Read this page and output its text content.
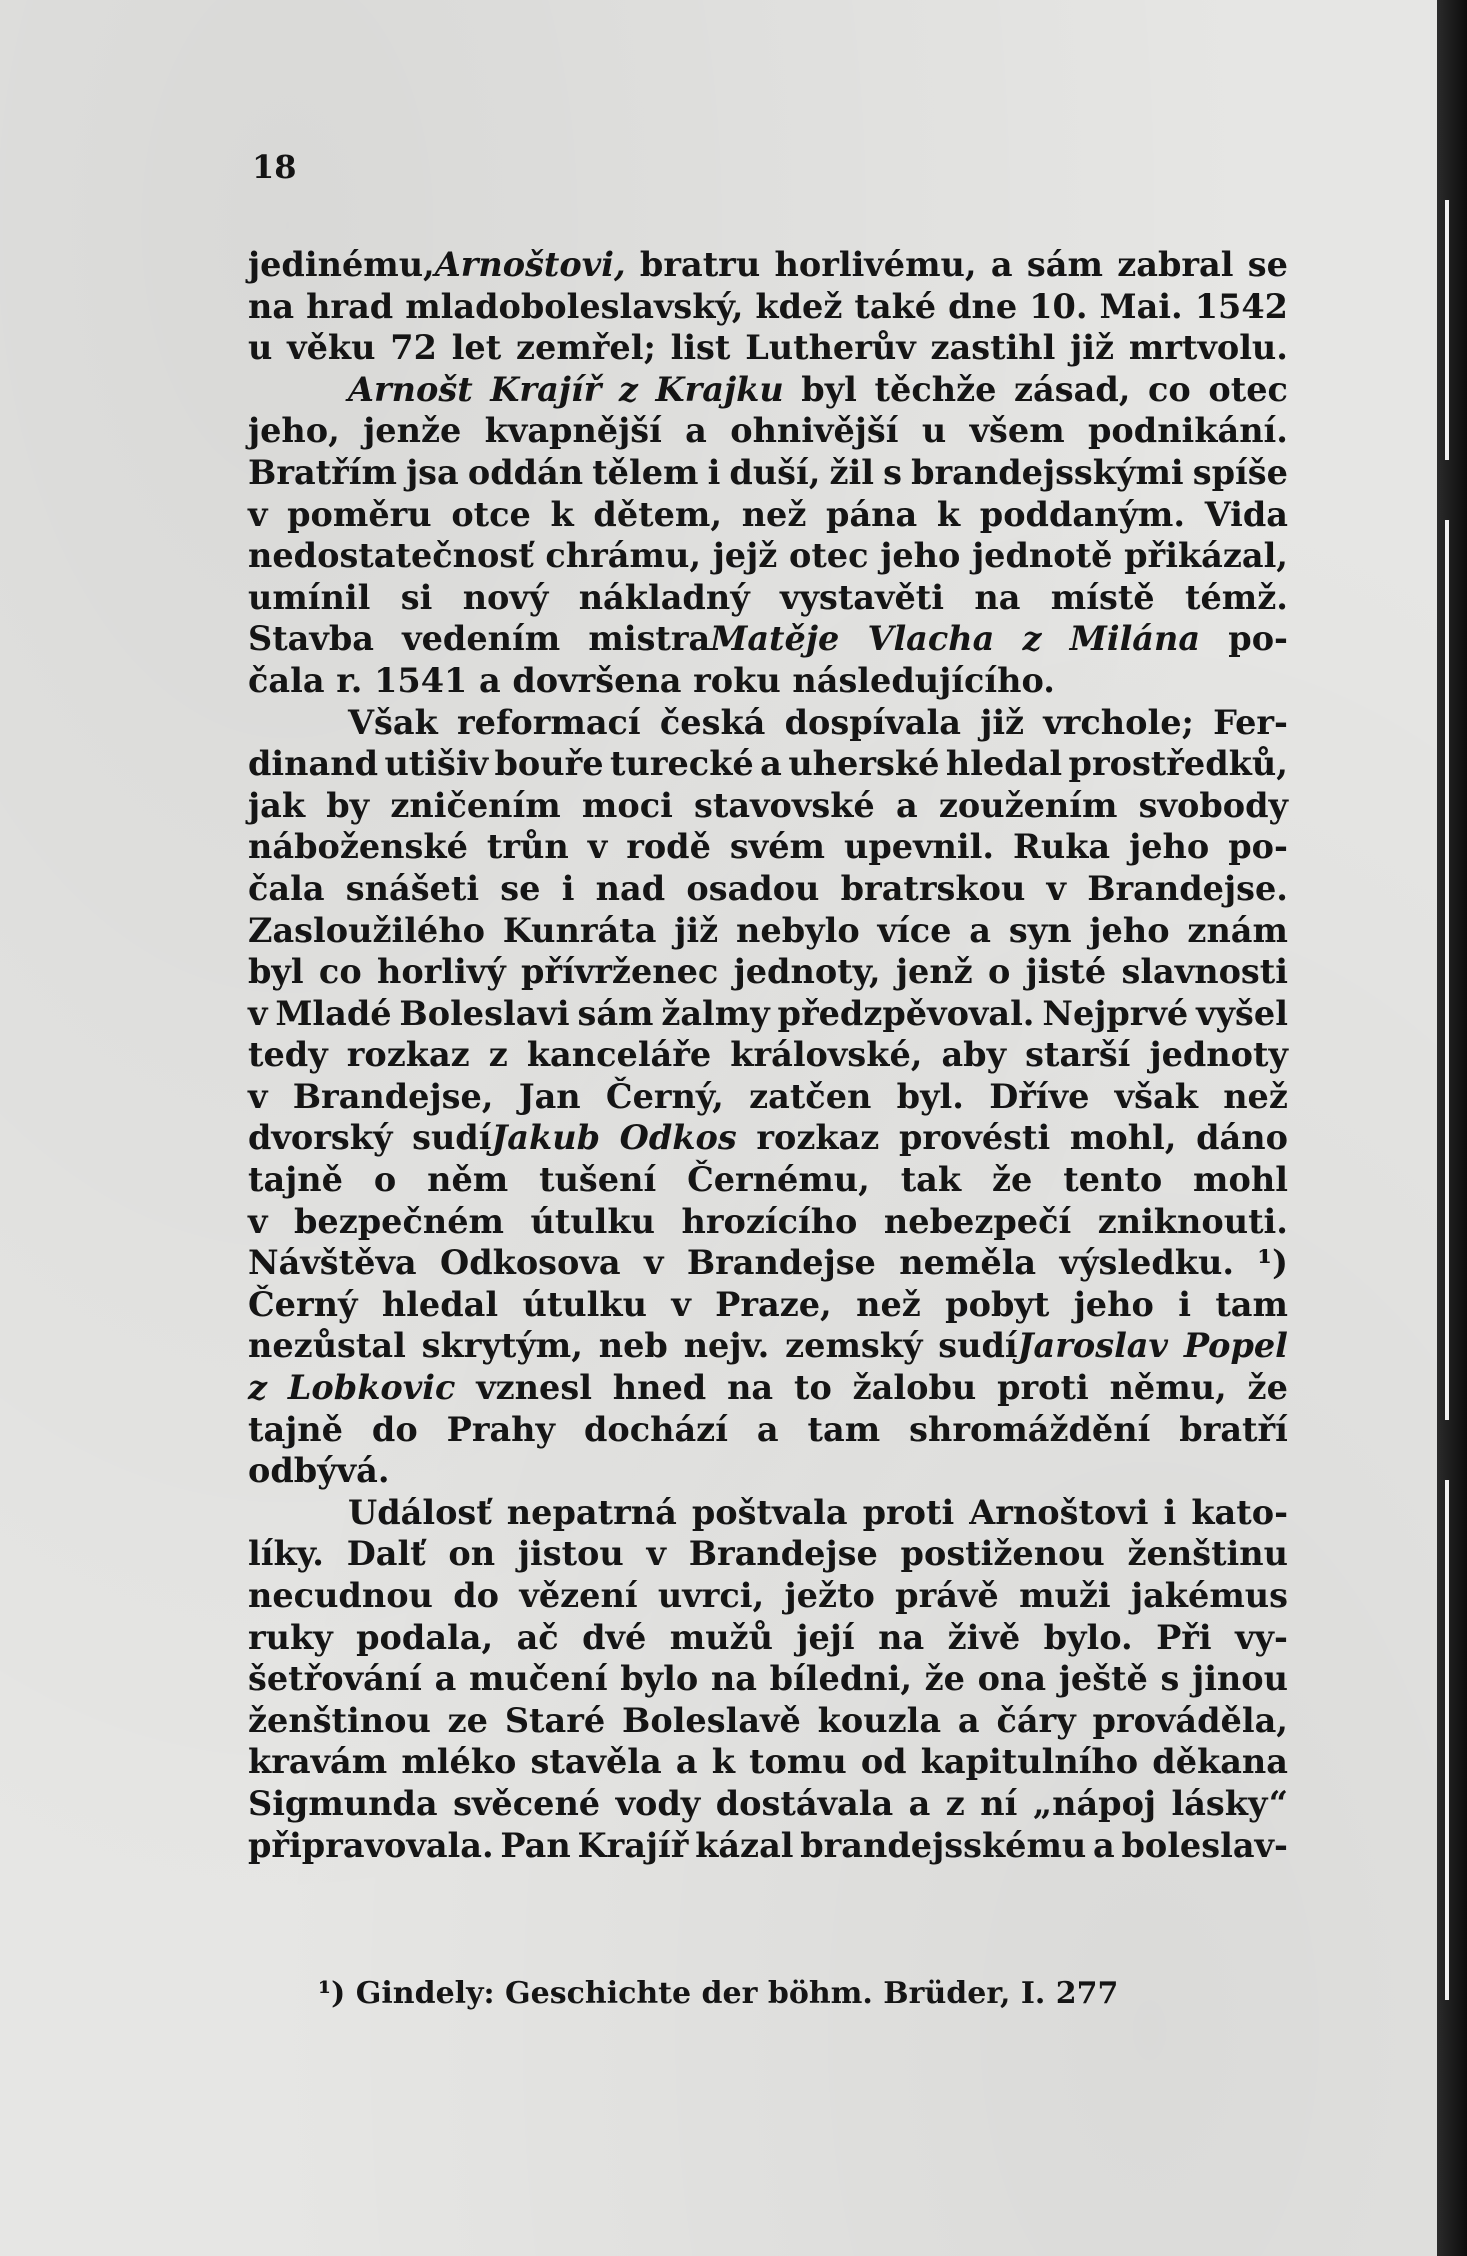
18
jedinému,Arnoštovi, bratru horlivému, a sám zabral se
na hrad mladoboleslavský, kdež také dne 10. Mai. 1542
u věku 72 let zemřel; list Lutherův zastihl již mrtvolu.
Arnošt Krajíř z Krajku byl těchže zásad, co otec
jeho, jenže kvapnější a ohnivější u všem podnikání.
Bratřím jsa oddán tělem i duší, žil s brandejsskými spíše
v poměru otce k dětem, než pána k poddaným. Vida
nedostatečnosť chrámu, jejž otec jeho jednotě přikázal,
umínil si nový nákladný vystavěti na místě témž.
Stavba vedením mistraMatěje Vlacha z Milána po-
čala r. 1541 a dovršena roku následujícího.
Však reformací česká dospívala již vrchole; Fer-
dinand utišiv bouře turecké a uherské hledal prostředků,
jak by zničením moci stavovské a zoužením svobody
náboženské trůn v rodě svém upevnil. Ruka jeho po-
čala snášeti se i nad osadou bratrskou v Brandejse.
Zasloužilého Kunráta již nebylo více a syn jeho znám
byl co horlivý přívrženec jednoty, jenž o jisté slavnosti
v Mladé Boleslavi sám žalmy předzpěvoval. Nejprvé vyšel
tedy rozkaz z kanceláře královské, aby starší jednoty
v Brandejse, Jan Černý, zatčen byl. Dříve však než
dvorský sudíJakub Odkos rozkaz provésti mohl, dáno
tajně o něm tušení Černému, tak že tento mohl
v bezpečném útulku hrozícího nebezpečí zniknouti.
Návštěva Odkosova v Brandejse neměla výsledku. ¹)
Černý hledal útulku v Praze, než pobyt jeho i tam
nezůstal skrytým, neb nejv. zemský sudíJaroslav Popel
z Lobkovic vznesl hned na to žalobu proti němu, že
tajně do Prahy dochází a tam shromáždění bratří
odbývá.
Událosť nepatrná poštvala proti Arnoštovi i kato-
líky. Dalť on jistou v Brandejse postiženou ženštinu
necudnou do vězení uvrci, ježto právě muži jakémus
ruky podala, ač dvé mužů její na živě bylo. Při vy-
šetřování a mučení bylo na bíledni, že ona ještě s jinou
ženštinou ze Staré Boleslavě kouzla a čáry prováděla,
kravám mléko stavěla a k tomu od kapitulního děkana
Sigmunda svěcené vody dostávala a z ní „nápoj lásky“
připravovala. Pan Krajíř kázal brandejsskému a boleslav-
¹) Gindely: Geschichte der böhm. Brüder, I. 277
